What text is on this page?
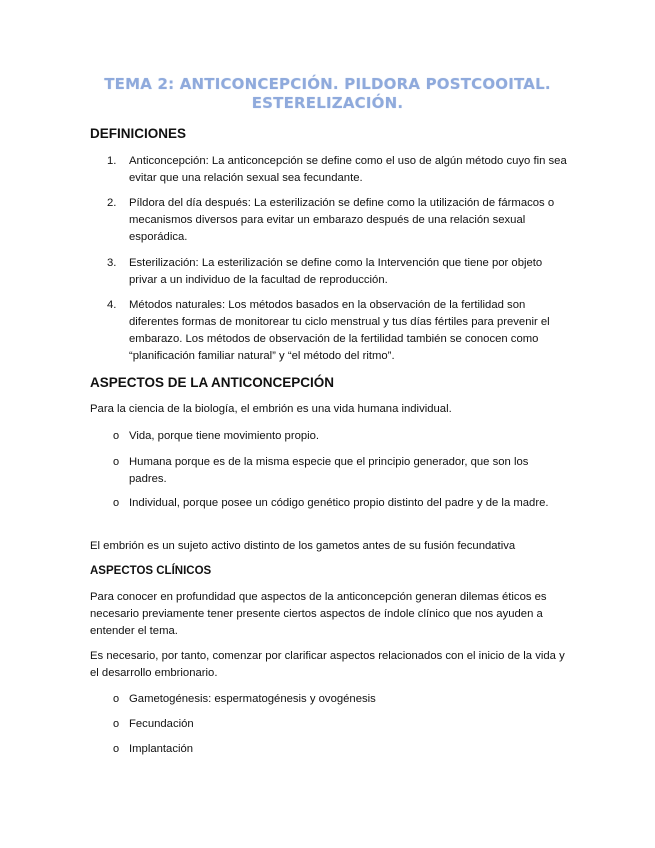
TEMA 2: ANTICONCEPCIÓN. PILDORA POSTCOOITAL.
ESTERELIZACIÓN.
DEFINICIONES
1. Anticoncepción: La anticoncepción se define como el uso de algún método cuyo fin sea evitar que una relación sexual sea fecundante.
2. Píldora del día después: La esterilización se define como la utilización de fármacos o mecanismos diversos para evitar un embarazo después de una relación sexual esporádica.
3. Esterilización: La esterilización se define como la Intervención que tiene por objeto privar a un individuo de la facultad de reproducción.
4. Métodos naturales: Los métodos basados en la observación de la fertilidad son diferentes formas de monitorear tu ciclo menstrual y tus días fértiles para prevenir el embarazo. Los métodos de observación de la fertilidad también se conocen como “planificación familiar natural” y “el método del ritmo”.
ASPECTOS DE LA ANTICONCEPCIÓN
Para la ciencia de la biología, el embrión es una vida humana individual.
o Vida, porque tiene movimiento propio.
o Humana porque es de la misma especie que el principio generador, que son los padres.
o Individual, porque posee un código genético propio distinto del padre y de la madre.
El embrión es un sujeto activo distinto de los gametos antes de su fusión fecundativa
ASPECTOS CLÍNICOS
Para conocer en profundidad que aspectos de la anticoncepción generan dilemas éticos es necesario previamente tener presente ciertos aspectos de índole clínico que nos ayuden a entender el tema.
Es necesario, por tanto, comenzar por clarificar aspectos relacionados con el inicio de la vida y el desarrollo embrionario.
o Gametogénesis: espermatogénesis y ovogénesis
o Fecundación
o Implantación
